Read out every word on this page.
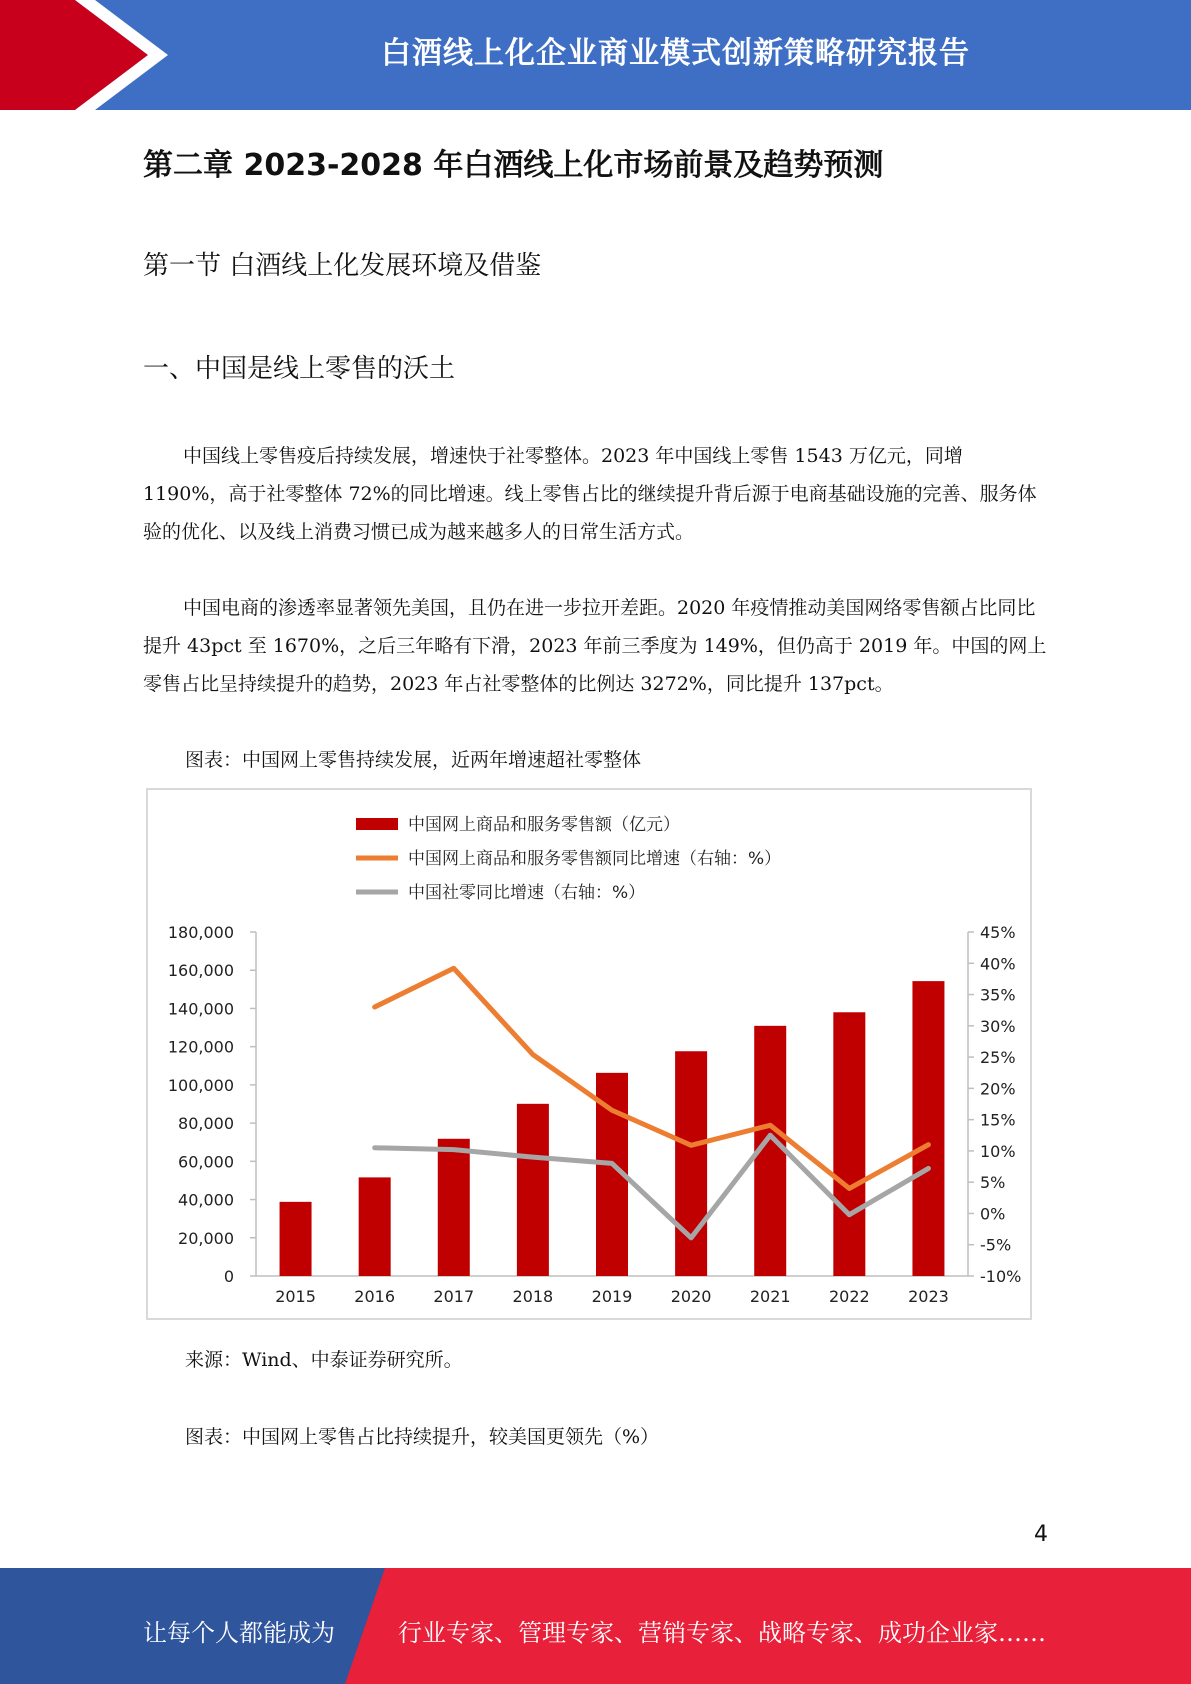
白酒线上化企业商业模式创新策略研究报告
第二章 2023-2028 年白酒线上化市场前景及趋势预测
第一节 白酒线上化发展环境及借鉴
一、中国是线上零售的沃土

中国线上零售疫后持续发展，增速快于社零整体。2023 年中国线上零售 1543 万亿元，同增 1190%，高于社零整体 72%的同比增速。线上零售占比的继续提升背后源于电商基础设施的完善、服务体验的优化、以及线上消费习惯已成为越来越多人的日常生活方式。

中国电商的渗透率显著领先美国，且仍在进一步拉开差距。2020 年疫情推动美国网络零售额占比同比提升 43pct 至 1670%，之后三年略有下滑，2023 年前三季度为 149%，但仍高于 2019 年。中国的网上零售占比呈持续提升的趋势，2023 年占社零整体的比例达 3272%，同比提升 137pct。

图表：中国网上零售持续发展，近两年增速超社零整体
0
20,000
40,000
60,000
80,000
100,000
120,000
140,000
160,000
180,000
-10%
-5%
0%
5%
10%
15%
20%
25%
30%
35%
40%
45%
2015 2016 2017 2018 2019 2020 2021 2022 2023
中国网上商品和服务零售额（亿元）
中国网上商品和服务零售额同比增速（右轴：%）
中国社零同比增速（右轴：%）
来源：Wind、中泰证券研究所。
图表：中国网上零售占比持续提升，较美国更领先（%）
4
让每个人都能成为	行业专家、管理专家、营销专家、战略专家、成功企业家……
